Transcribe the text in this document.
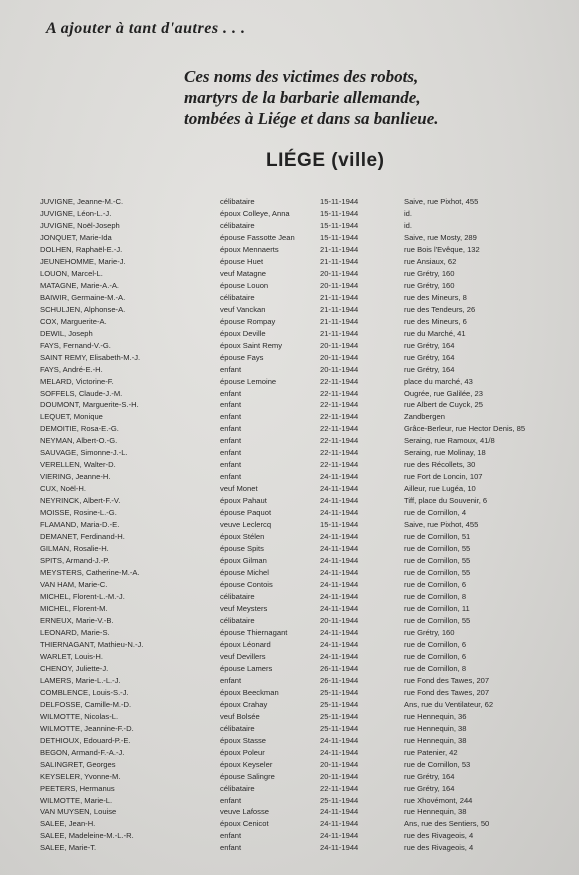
A ajouter à tant d'autres . . .
Ces noms des victimes des robots,
martyrs de la barbarie allemande,
tombées à Liége et dans sa banlieue.
LIÉGE (ville)
JUVIGNE, Jeanne-M.-C.	célibataire	15-11-1944	Saive, rue Pixhot, 455
JUVIGNE, Léon-L.-J.	époux Colleye, Anna	15-11-1944	id.
JUVIGNE, Noël-Joseph	célibataire	15-11-1944	id.
JONQUET, Marie-Ida	épouse Fassotte Jean	15-11-1944	Saive, rue Mosty, 289
DOLHEN, Raphaël-E.-J.	époux Mennaerts	21-11-1944	rue Bois l'Evêque, 132
JEUNEHOMME, Marie-J.	épouse Huet	21-11-1944	rue Ansiaux, 62
LOUON, Marcel-L.	veuf Matagne	20-11-1944	rue Grétry, 160
MATAGNE, Marie-A.-A.	épouse Louon	20-11-1944	rue Grétry, 160
BAIWIR, Germaine-M.-A.	célibataire	21-11-1944	rue des Mineurs, 8
SCHULJEN, Alphonse-A.	veuf Vanckan	21-11-1944	rue des Tendeurs, 26
COX, Marguerite-A.	épouse Rompay	21-11-1944	rue des Mineurs, 6
DEWIL, Joseph	époux Deville	21-11-1944	rue du Marché, 41
FAYS, Fernand-V.-G.	époux Saint Remy	20-11-1944	rue Grétry, 164
SAINT REMY, Elisabeth-M.-J.	épouse Fays	20-11-1944	rue Grétry, 164
FAYS, André-E.-H.	enfant	20-11-1944	rue Grétry, 164
MELARD, Victorine-F.	épouse Lemoine	22-11-1944	place du marché, 43
SOFFELS, Claude-J.-M.	enfant	22-11-1944	Ougrée, rue Galilée, 23
DOUMONT, Marguerite-S.-H.	enfant	22-11-1944	rue Albert de Cuyck, 25
LEQUET, Monique	enfant	22-11-1944	Zandbergen
DEMOITIE, Rosa-E.-G.	enfant	22-11-1944	Grâce-Berleur, rue Hector Denis, 85
NEYMAN, Albert-O.-G.	enfant	22-11-1944	Seraing, rue Ramoux, 41/8
SAUVAGE, Simonne-J.-L.	enfant	22-11-1944	Seraing, rue Molinay, 18
VERELLEN, Walter-D.	enfant	22-11-1944	rue des Récollets, 30
VIERING, Jeanne-H.	enfant	24-11-1944	rue Fort de Loncin, 107
CUX, Noël-H.	veuf Monet	24-11-1944	Ailleur, rue Lugéa, 10
NEYRINCK, Albert-F.-V.	époux Pahaut	24-11-1944	Tiff, place du Souvenir, 6
MOISSE, Rosine-L.-G.	épouse Paquot	24-11-1944	rue de Cornillon, 4
FLAMAND, Maria-D.-E.	veuve Leclercq	15-11-1944	Saive, rue Pixhot, 455
DEMANET, Ferdinand-H.	époux Stélen	24-11-1944	rue de Cornillon, 51
GILMAN, Rosalie-H.	épouse Spits	24-11-1944	rue de Cornillon, 55
SPITS, Armand-J.-P.	époux Gilman	24-11-1944	rue de Cornillon, 55
MEYSTERS, Catherine-M.-A.	épouse Michel	24-11-1944	rue de Cornillon, 55
VAN HAM, Marie-C.	épouse Contois	24-11-1944	rue de Cornillon, 6
MICHEL, Florent-L.-M.-J.	célibataire	24-11-1944	rue de Cornillon, 8
MICHEL, Florent-M.	veuf Meysters	24-11-1944	rue de Cornillon, 11
ERNEUX, Marie-V.-B.	célibataire	20-11-1944	rue de Cornillon, 55
LEONARD, Marie-S.	épouse Thiernagant	24-11-1944	rue Grétry, 160
THIERNAGANT, Mathieu-N.-J.	époux Léonard	24-11-1944	rue de Cornillon, 6
WARLET, Louis-H.	veuf Devillers	24-11-1944	rue de Cornillon, 6
CHENOY, Juliette-J.	épouse Lamers	26-11-1944	rue de Cornillon, 8
LAMERS, Marie-L.-L.-J.	enfant	26-11-1944	rue Fond des Tawes, 207
COMBLENCE, Louis-S.-J.	époux Beeckman	25-11-1944	rue Fond des Tawes, 207
DELFOSSE, Camille-M.-D.	époux Crahay	25-11-1944	Ans, rue du Ventilateur, 62
WILMOTTE, Nicolas-L.	veuf Bolsée	25-11-1944	rue Hennequin, 36
WILMOTTE, Jeannine-F.-D.	célibataire	25-11-1944	rue Hennequin, 38
DETHIOUX, Edouard-P.-E.	époux Stasse	24-11-1944	rue Hennequin, 38
BEGON, Armand-F.-A.-J.	époux Poleur	24-11-1944	rue Patenier, 42
SALINGRET, Georges	époux Keyseler	20-11-1944	rue de Cornillon, 53
KEYSELER, Yvonne-M.	épouse Salingre	20-11-1944	rue Grétry, 164
PEETERS, Hermanus	célibataire	22-11-1944	rue Grétry, 164
WILMOTTE, Marie-L.	enfant	25-11-1944	rue Xhovémont, 244
VAN MUYSEN, Louise	veuve Lafosse	24-11-1944	rue Hennequin, 38
SALEE, Jean-H.	époux Cenicot	24-11-1944	Ans, rue des Sentiers, 50
SALEE, Madeleine-M.-L.-R.	enfant	24-11-1944	rue des Rivageois, 4
SALEE, Marie-T.	enfant	24-11-1944	rue des Rivageois, 4
